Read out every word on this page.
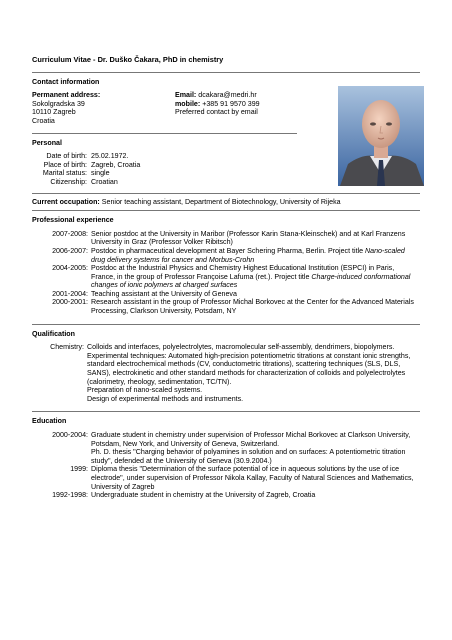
Curriculum Vitae - Dr. Duško Čakara, PhD in chemistry
Contact information
Permanent address:
Sokolgradska 39
10110 Zagreb
Croatia
Email: dcakara@medri.hr
mobile: +385 91 9570 399
Preferred contact by email
Personal
Date of birth:	25.02.1972.
Place of birth:	Zagreb, Croatia
Marital status:	single
Citizenship:	Croatian
Current occupation: Senior teaching assistant, Department of Biotechnology, University of Rijeka
Professional experience
2007-2008:	Senior postdoc at the University in Maribor (Professor Karin Stana-Kleinschek) and at Karl Franzens University in Graz (Professor Volker Ribitsch)
2006-2007:	Postdoc in pharmaceutical development at Bayer Schering Pharma, Berlin. Project title Nano-scaled drug delivery systems for cancer and Morbus-Crohn
2004-2005:	Postdoc at the Industrial Physics and Chemistry Highest Educational Institution (ESPCI) in Paris, France, in the group of Professor Françoise Lafuma (ret.). Project title Charge-induced conformational changes of ionic polymers at charged surfaces
2001-2004:	Teaching assistant at the University of Geneva
2000-2001:	Research assistant in the group of Professor Michal Borkovec at the Center for the Advanced Materials Processing, Clarkson University, Potsdam, NY
Qualification
Chemistry:	Colloids and interfaces, polyelectrolytes, macromolecular self-assembly, dendrimers, biopolymers.
Experimental techniques: Automated high-precision potentiometric titrations at constant ionic strengths, standard electrochemical methods (CV, conductometric titrations), scattering techniques (SLS, DLS, SANS), electrokinetic and other standard methods for characterization of colloids and polyelectrolytes (calorimetry, rheology, sedimentation, TC/TN).
Preparation of nano-scaled systems.
Design of experimental methods and instruments.
Education
2000-2004:	Graduate student in chemistry under supervision of Professor Michal Borkovec at Clarkson University, Potsdam, New York, and University of Geneva, Switzerland.
Ph. D. thesis "Charging behavior of polyamines in solution and on surfaces: A potentiometric titration study", defended at the University of Geneva (30.9.2004.)

1999:	Diploma thesis "Determination of the surface potential of ice in aqueous solutions by the use of ice electrode", under supervision of Professor Nikola Kallay, Faculty of Natural Sciences and Mathematics, University of Zagreb

1992-1998:	Undergraduate student in chemistry at the University of Zagreb, Croatia
